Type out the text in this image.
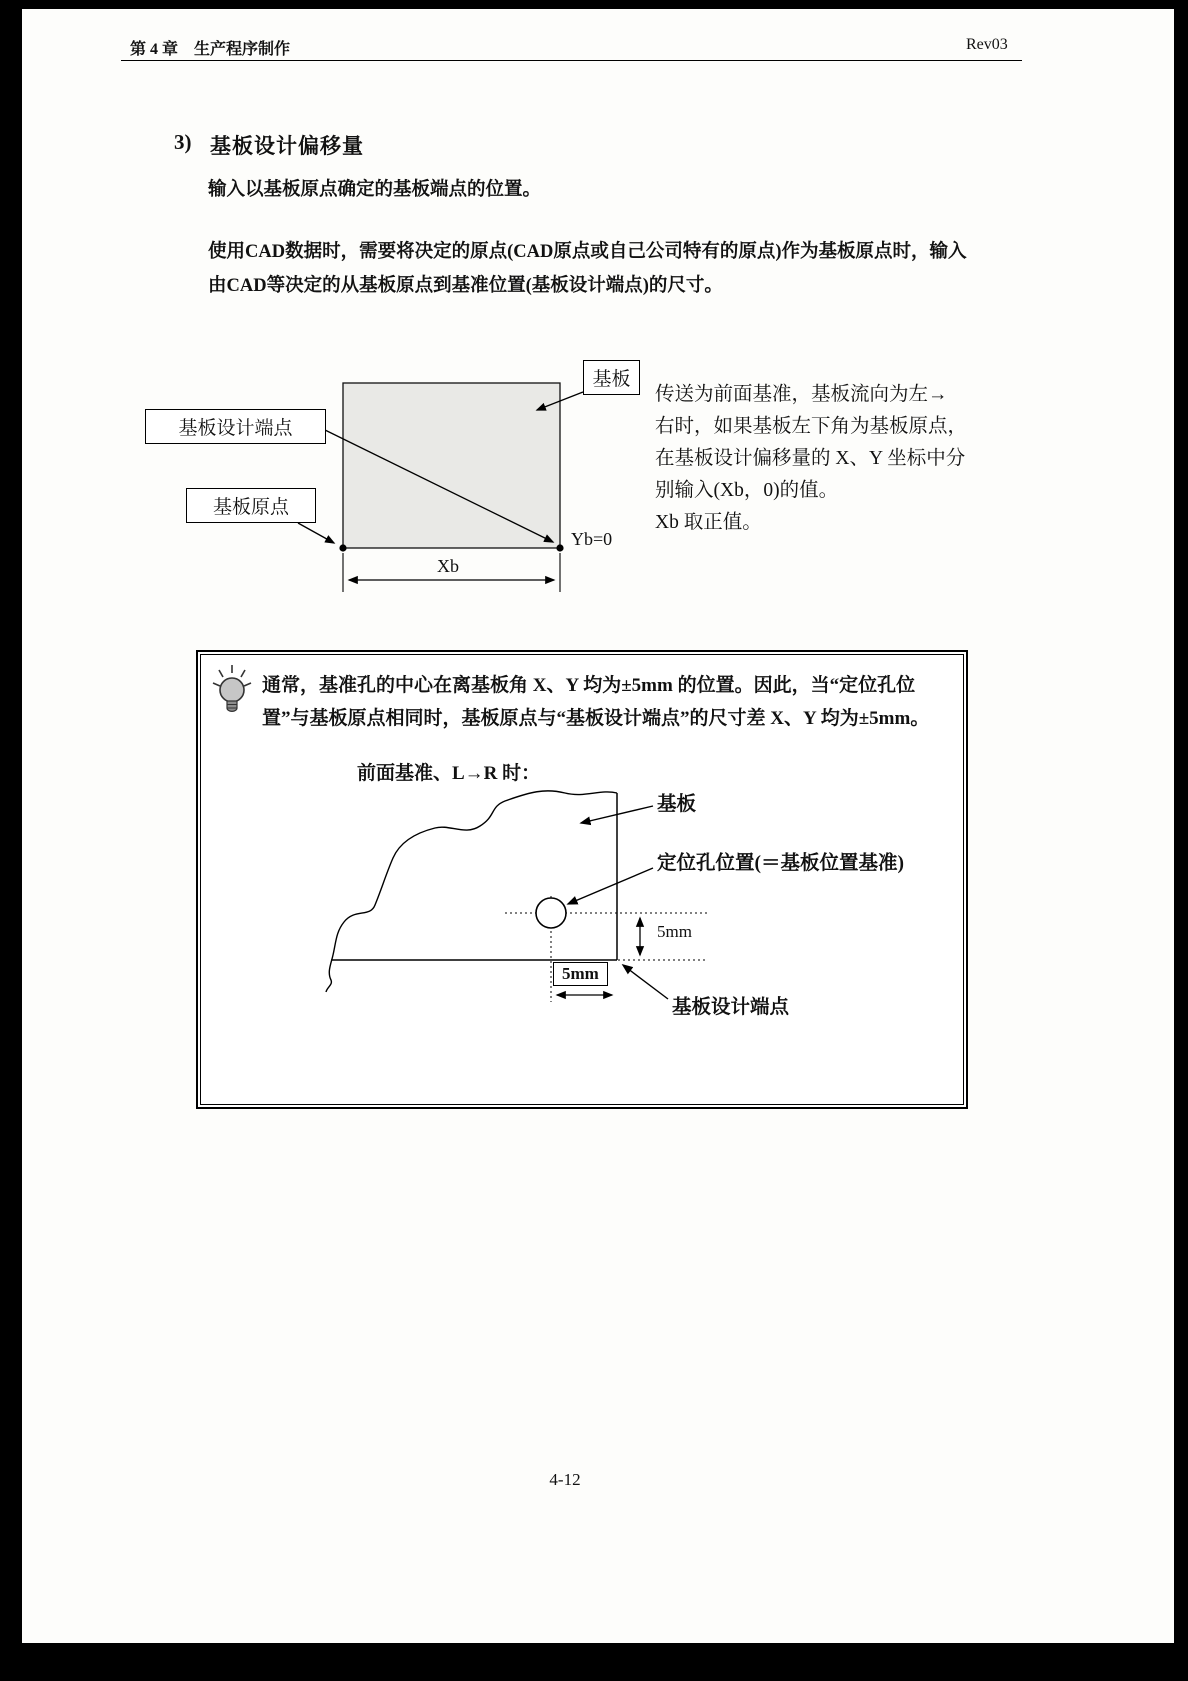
第 4 章　生产程序制作	Rev03
3) 基板设计偏移量
输入以基板原点确定的基板端点的位置。
使用CAD数据时，需要将决定的原点(CAD原点或自己公司特有的原点)作为基板原点时，输入
由CAD等决定的从基板原点到基准位置(基板设计端点)的尺寸。
基板
基板设计端点
基板原点
Yb=0
Xb
传送为前面基准，基板流向为左→
右时，如果基板左下角为基板原点，
在基板设计偏移量的 X、Y 坐标中分
别输入(Xb，0)的值。
Xb 取正值。
通常，基准孔的中心在离基板角 X、Y 均为±5mm 的位置。因此，当“定位孔位
置”与基板原点相同时，基板原点与“基板设计端点”的尺寸差 X、Y 均为±5mm。
前面基准、L→R 时：
基板
定位孔位置(＝基板位置基准)
5mm
5mm
基板设计端点
4-12
